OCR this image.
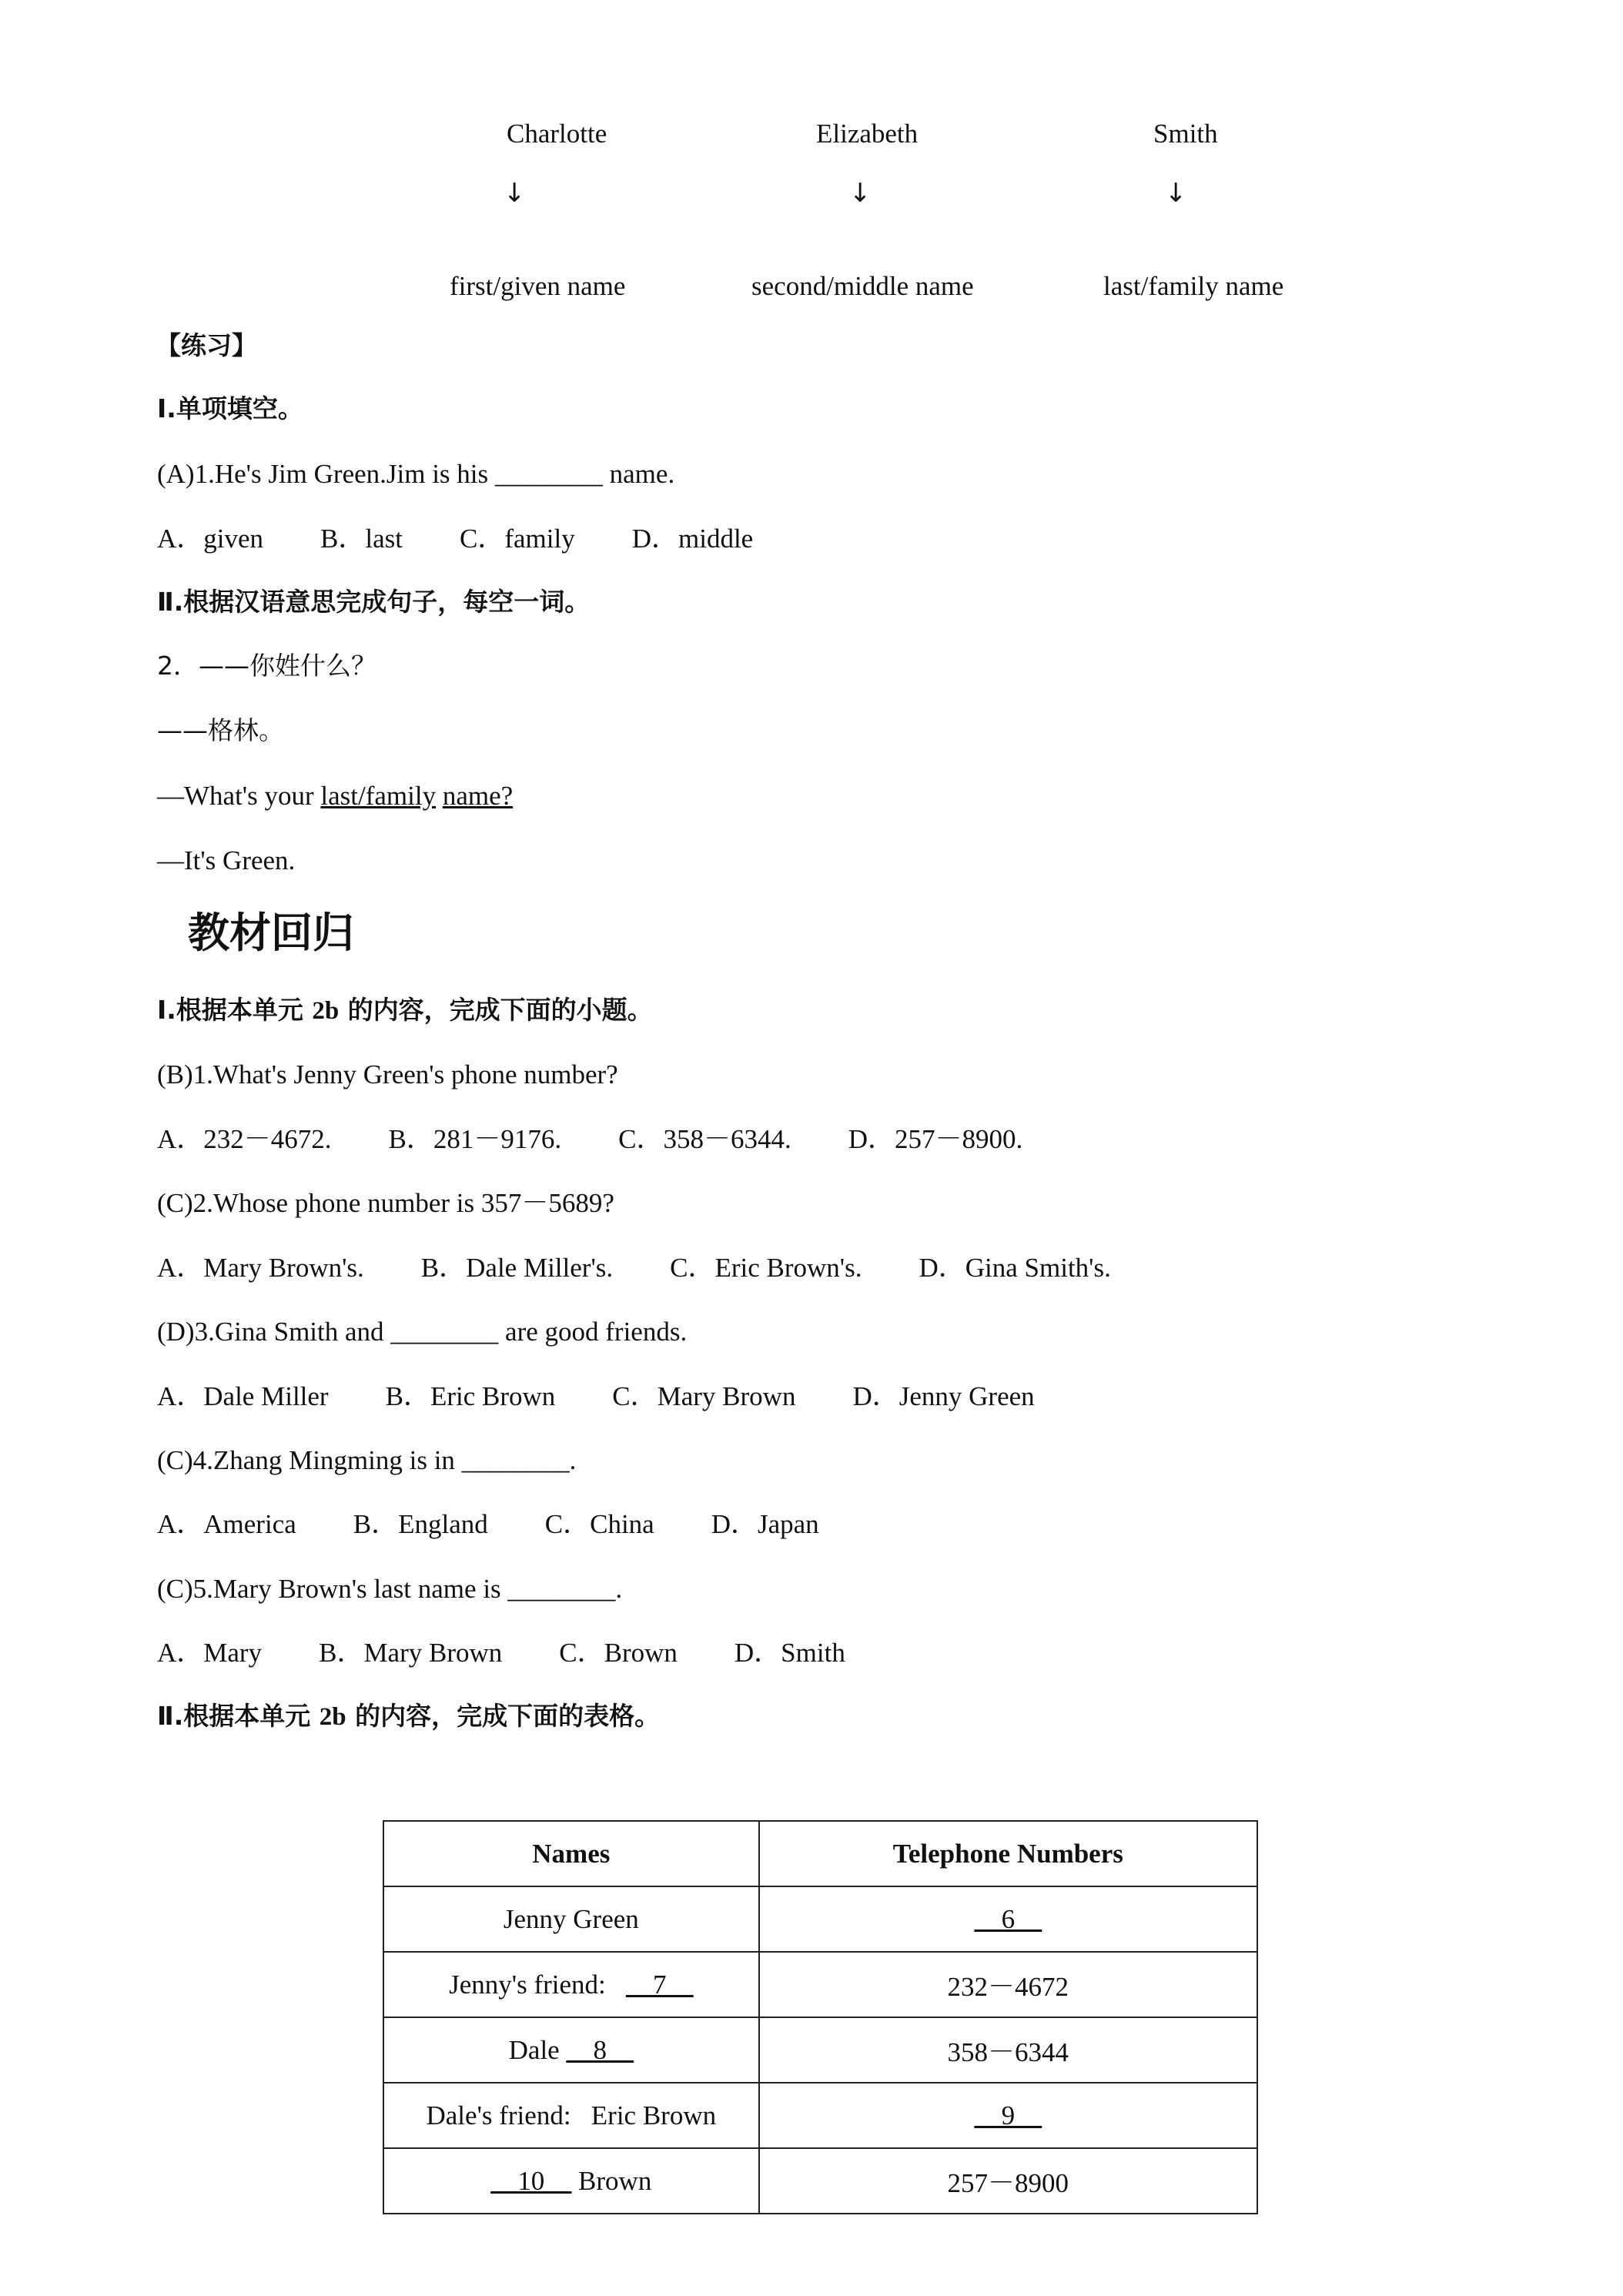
Charlotte	Elizabeth	Smith
↓	↓	↓
first/given name	second/middle name	last/family name
【练习】
Ⅰ.单项填空。
(A)1.He's Jim Green.Jim is his ________ name.
A．given B．last C．family D．middle
Ⅱ.根据汉语意思完成句子，每空一词。
2．——你姓什么？
——格林。
—What's your last/family name?
—It's Green.
教材回归
Ⅰ.根据本单元 2b 的内容，完成下面的小题。
(B)1.What's Jenny Green's phone number?
A．232－4672. B．281－9176. C．358－6344. D．257－8900.
(C)2.Whose phone number is 357－5689?
A．Mary Brown's. B．Dale Miller's. C．Eric Brown's. D．Gina Smith's.
(D)3.Gina Smith and ________ are good friends.
A．Dale Miller B．Eric Brown C．Mary Brown D．Jenny Green
(C)4.Zhang Mingming is in ________.
A．America B．England C．China D．Japan
(C)5.Mary Brown's last name is ________.
A．Mary B．Mary Brown C．Brown D．Smith
Ⅱ.根据本单元 2b 的内容，完成下面的表格。
Names	Telephone Numbers
Jenny Green	__6__
Jenny's friend:   __7__	232－4672
Dale __8__	358－6344
Dale's friend:   Eric Brown	__9__
__10__ Brown	257－8900
